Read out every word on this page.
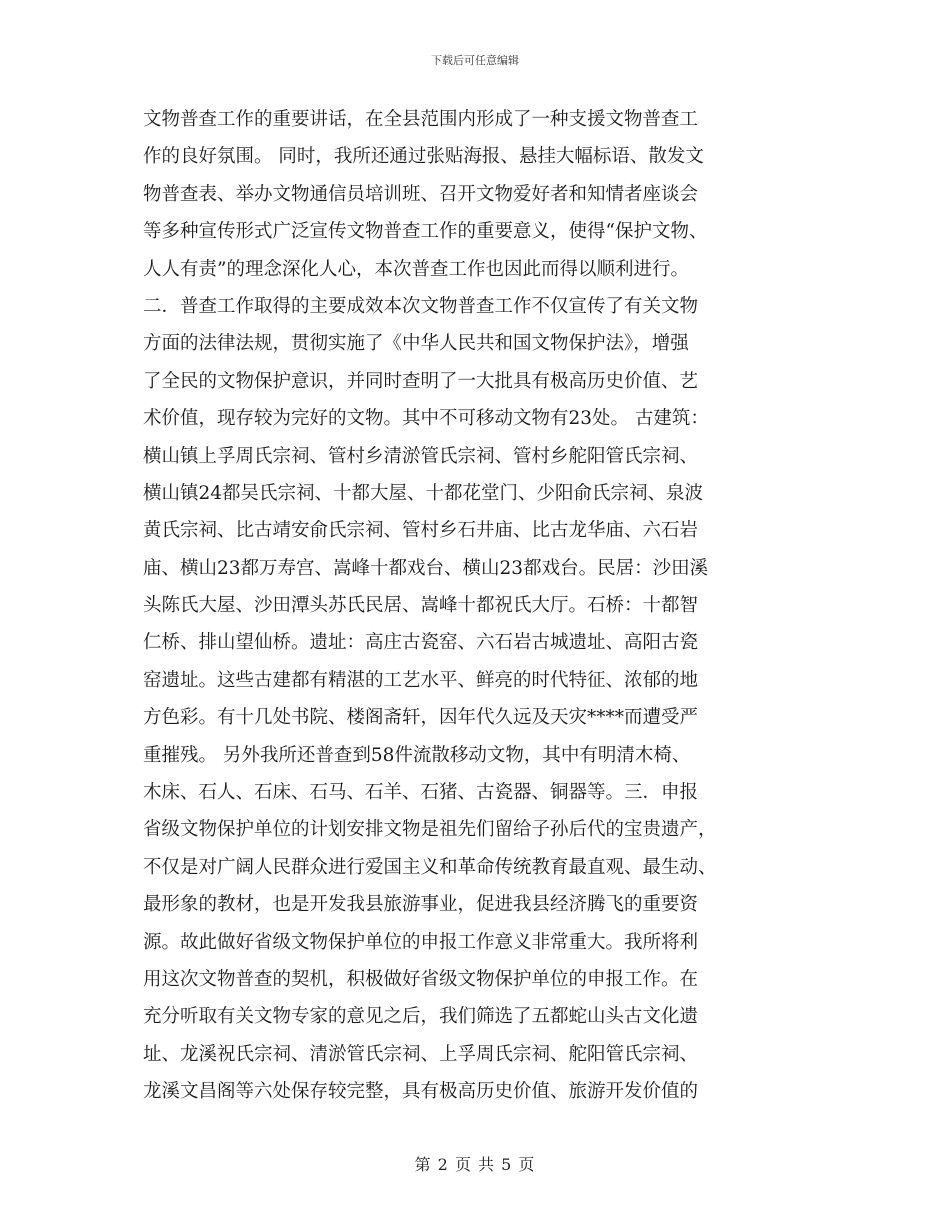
下载后可任意编辑
文物普查工作的重要讲话，在全县范围内形成了一种支援文物普查工
作的良好氛围。 同时，我所还通过张贴海报、悬挂大幅标语、散发文
物普查表、举办文物通信员培训班、召开文物爱好者和知情者座谈会
等多种宣传形式广泛宣传文物普查工作的重要意义，使得“保护文物、
人人有责”的理念深化人心，本次普查工作也因此而得以顺利进行。
二．普查工作取得的主要成效本次文物普查工作不仅宣传了有关文物
方面的法律法规，贯彻实施了《中华人民共和国文物保护法》，增强
了全民的文物保护意识，并同时查明了一大批具有极高历史价值、艺
术价值，现存较为完好的文物。其中不可移动文物有23处。 古建筑：
横山镇上孚周氏宗祠、管村乡清淤管氏宗祠、管村乡舵阳管氏宗祠、
横山镇24都吴氏宗祠、十都大屋、十都花堂门、少阳俞氏宗祠、泉波
黄氏宗祠、比古靖安俞氏宗祠、管村乡石井庙、比古龙华庙、六石岩
庙、横山23都万寿宫、嵩峰十都戏台、横山23都戏台。民居：沙田溪
头陈氏大屋、沙田潭头苏氏民居、嵩峰十都祝氏大厅。石桥：十都智
仁桥、排山望仙桥。遗址：高庄古瓷窑、六石岩古城遗址、高阳古瓷
窑遗址。这些古建都有精湛的工艺水平、鲜亮的时代特征、浓郁的地
方色彩。有十几处书院、楼阁斋轩，因年代久远及天灾****而遭受严
重摧残。 另外我所还普查到58件流散移动文物，其中有明清木椅、
木床、石人、石床、石马、石羊、石猪、古瓷器、铜器等。三．申报
省级文物保护单位的计划安排文物是祖先们留给子孙后代的宝贵遗产，
不仅是对广阔人民群众进行爱国主义和革命传统教育最直观、最生动、
最形象的教材，也是开发我县旅游事业，促进我县经济腾飞的重要资
源。故此做好省级文物保护单位的申报工作意义非常重大。我所将利
用这次文物普查的契机，积极做好省级文物保护单位的申报工作。在
充分听取有关文物专家的意见之后，我们筛选了五都蛇山头古文化遗
址、龙溪祝氏宗祠、清淤管氏宗祠、上孚周氏宗祠、舵阳管氏宗祠、
龙溪文昌阁等六处保存较完整，具有极高历史价值、旅游开发价值的
第 2 页 共 5 页
